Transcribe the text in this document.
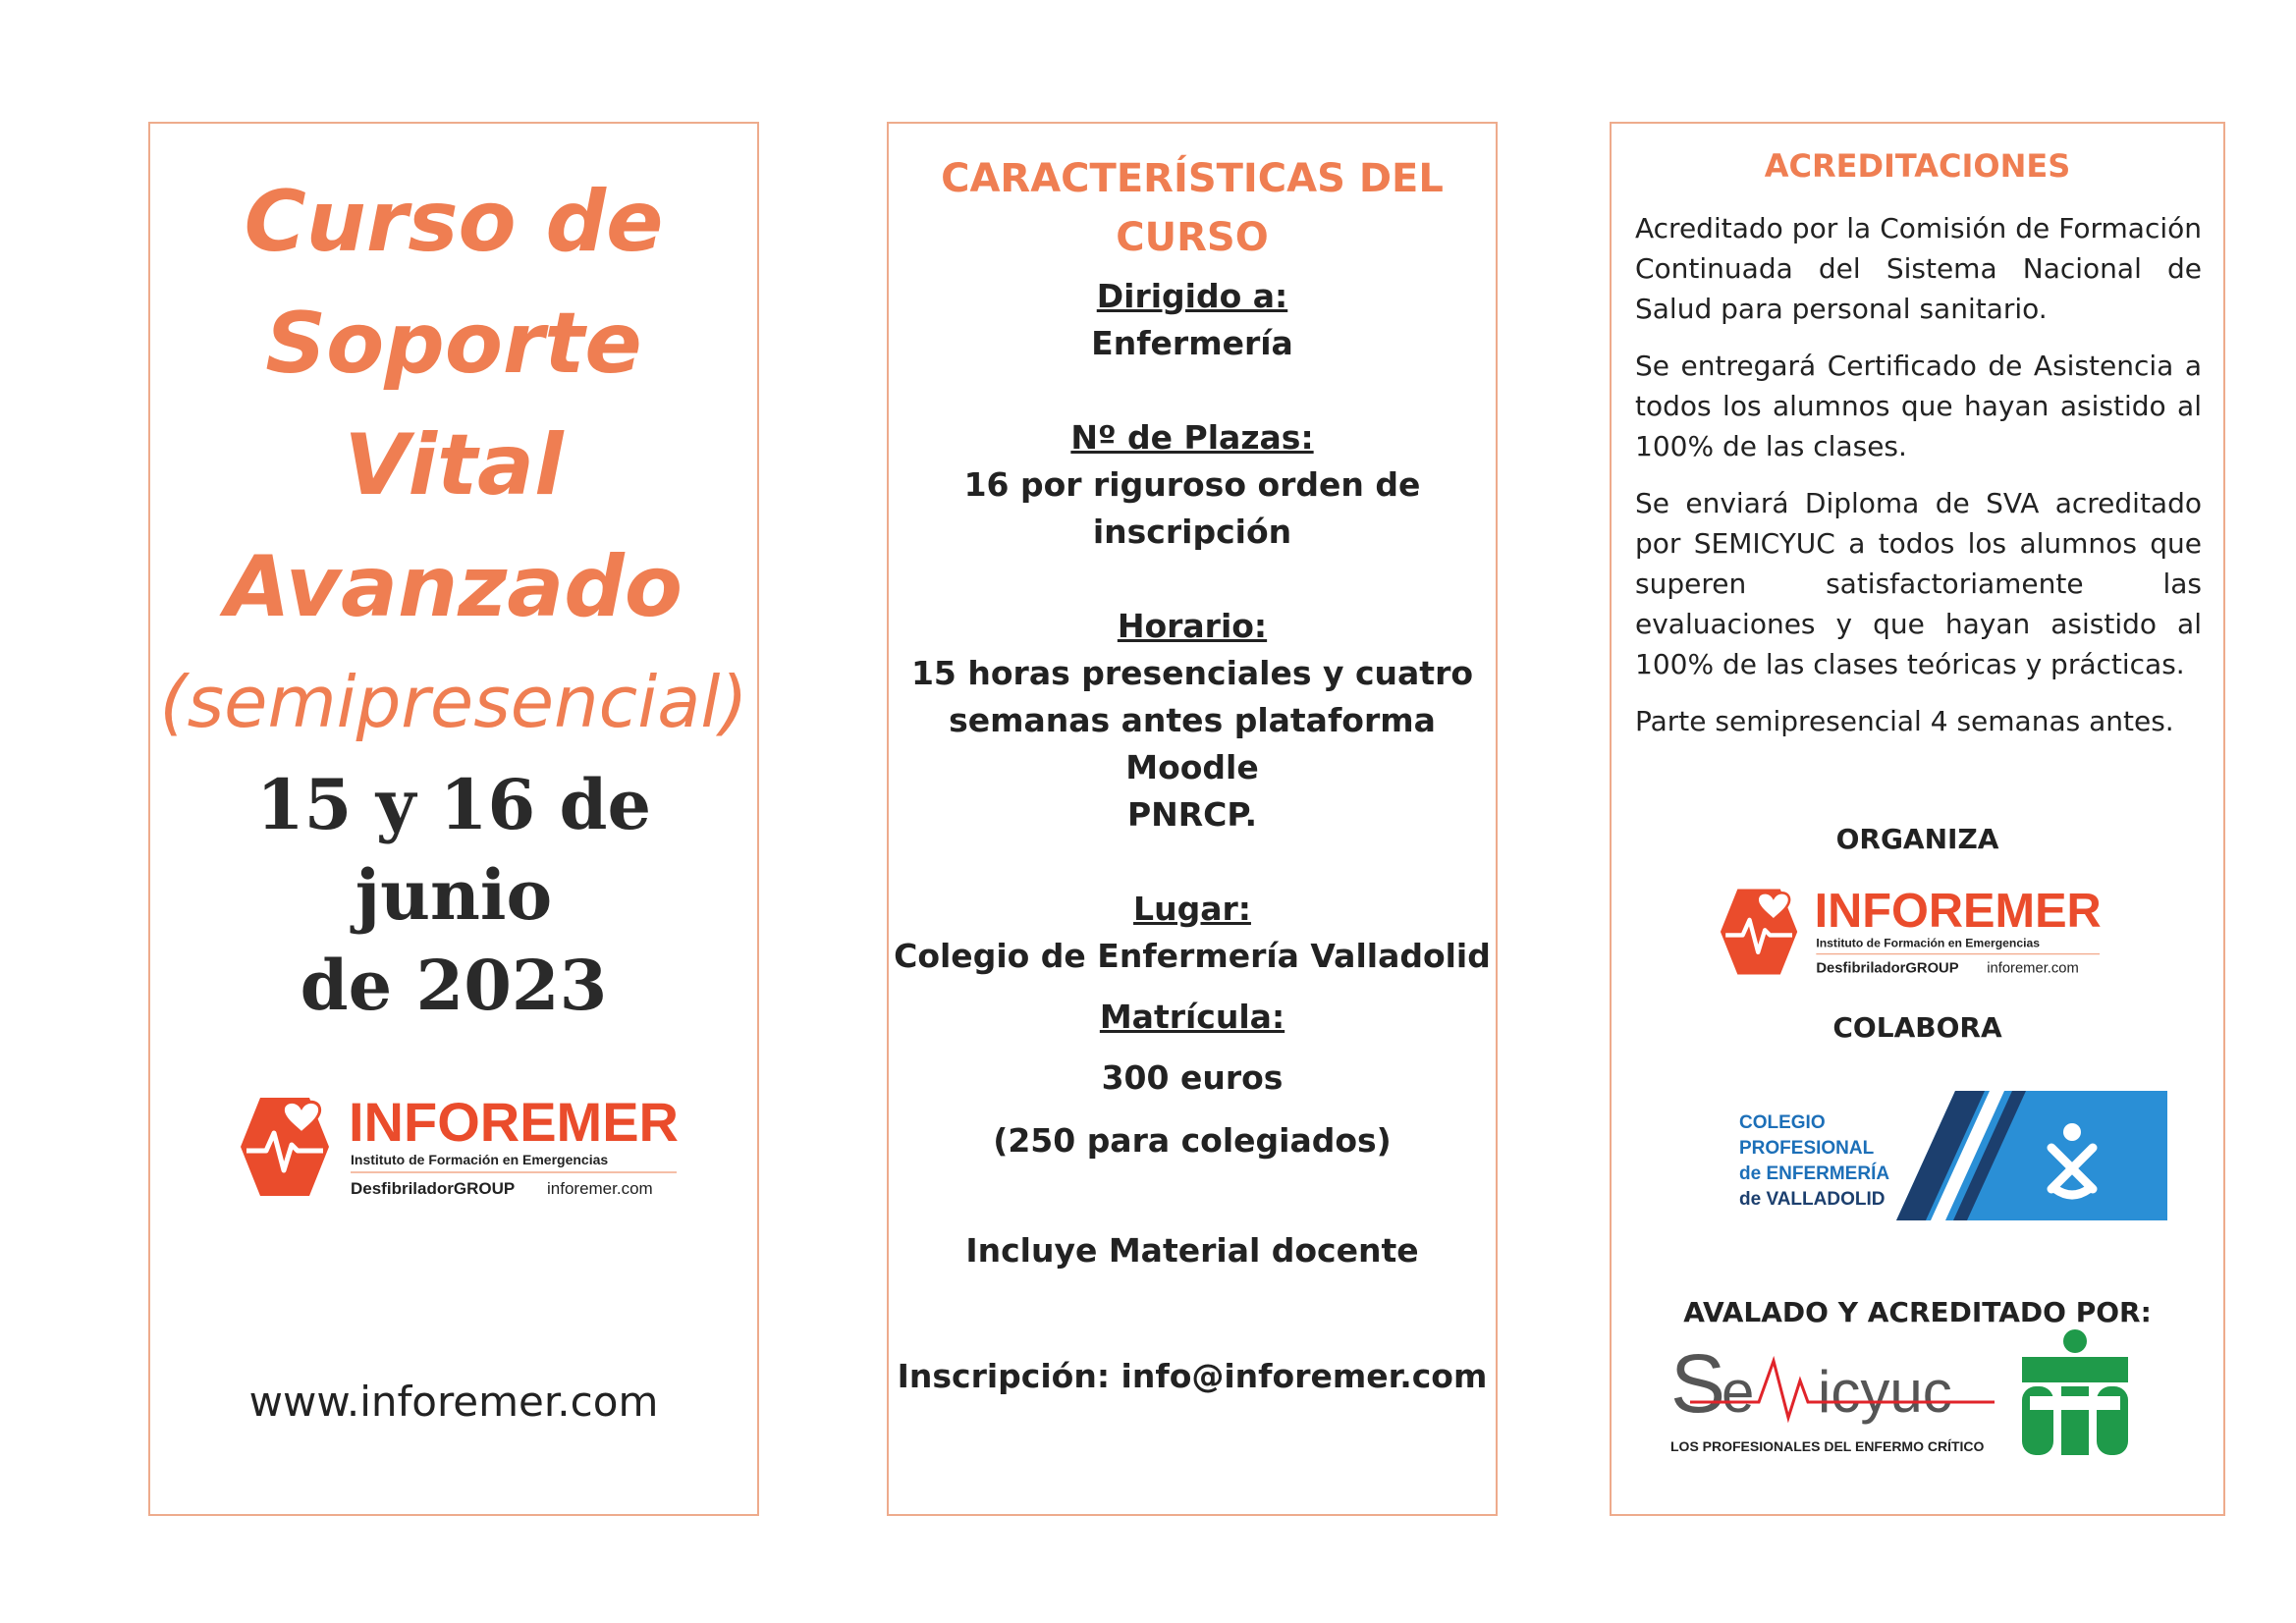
Curso de
Soporte Vital
Avanzado
(semipresencial)
15 y 16 de junio
de 2023
INFOREMER
Instituto de Formación en Emergencias
DesfibriladorGROUP inforemer.com
www.inforemer.com
CARACTERÍSTICAS DEL
CURSO
Dirigido a:
Enfermería
Nº de Plazas:
16 por riguroso orden de
inscripción
Horario:
15 horas presenciales y cuatro
semanas antes plataforma Moodle
PNRCP.
Lugar:
Colegio de Enfermería Valladolid
Matrícula:
300 euros
(250 para colegiados)
Incluye Material docente
Inscripción: info@inforemer.com
ACREDITACIONES

Acreditado por la Comisión de Formación Continuada del Sistema Nacional de Salud para personal sanitario.

Se entregará Certificado de Asistencia a todos los alumnos que hayan asistido al 100% de las clases.

Se enviará Diploma de SVA acreditado por SEMICYUC a todos los alumnos que superen satisfactoriamente las evaluaciones y que hayan asistido al 100% de las clases teóricas y prácticas.

Parte semipresencial 4 semanas antes.

ORGANIZA
INFOREMER
Instituto de Formación en Emergencias
DesfibriladorGROUP inforemer.com
COLABORA
COLEGIO
PROFESIONAL
de ENFERMERÍA
de VALLADOLID
AVALADO Y ACREDITADO POR:
S
e icyuc
LOS PROFESIONALES DEL ENFERMO CRÍTICO
